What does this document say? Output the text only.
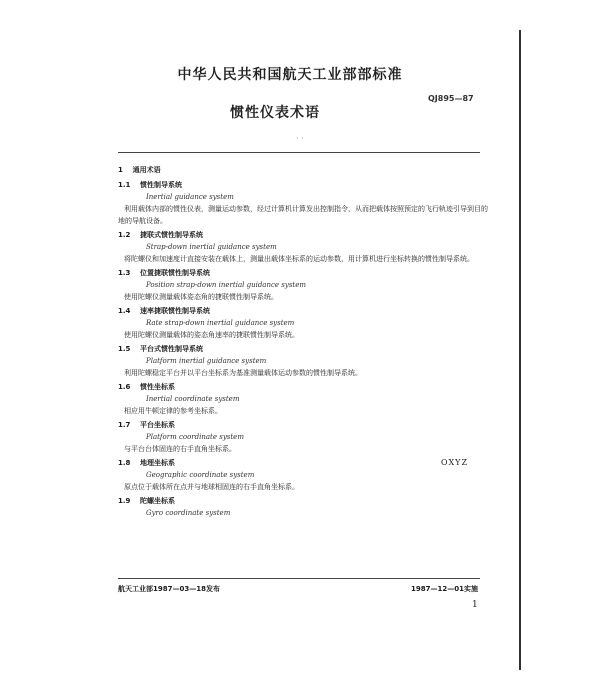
中华人民共和国航天工业部部标准
QJ895—87
惯性仪表术语
· ·
1 通用术语
1.1 惯性制导系统
Inertial guidance system
利用载体内部的惯性仪表，测量运动参数，经过计算机计算发出控制指令，从而把载体按照预定的飞行轨迹引导到目的地的导航设备。
1.2 捷联式惯性制导系统
Strap-down inertial guidance system
将陀螺仪和加速度计直接安装在载体上，测量出载体坐标系的运动参数，用计算机进行坐标转换的惯性制导系统。
1.3 位置捷联惯性制导系统
Position strap-down inertial guidance system
使用陀螺仪测量载体姿态角的捷联惯性制导系统。
1.4 速率捷联惯性制导系统
Rate strap-down inertial guidance system
使用陀螺仪测量载体的姿态角速率的捷联惯性制导系统。
1.5 平台式惯性制导系统
Platform inertial guidance system
利用陀螺稳定平台并以平台坐标系为基准测量载体运动参数的惯性制导系统。
1.6 惯性坐标系
Inertial coordinate system
相应用牛顿定律的参考坐标系。
1.7 平台坐标系
Platform coordinate system
与平台台体固连的右手直角坐标系。
1.8 地理坐标系	OXYZ
Geographic coordinate system
原点位于载体所在点并与地球相固连的右手直角坐标系。
1.9 陀螺坐标系
Gyro coordinate system
航天工业部1987—03—18发布	1987—12—01实施
1
